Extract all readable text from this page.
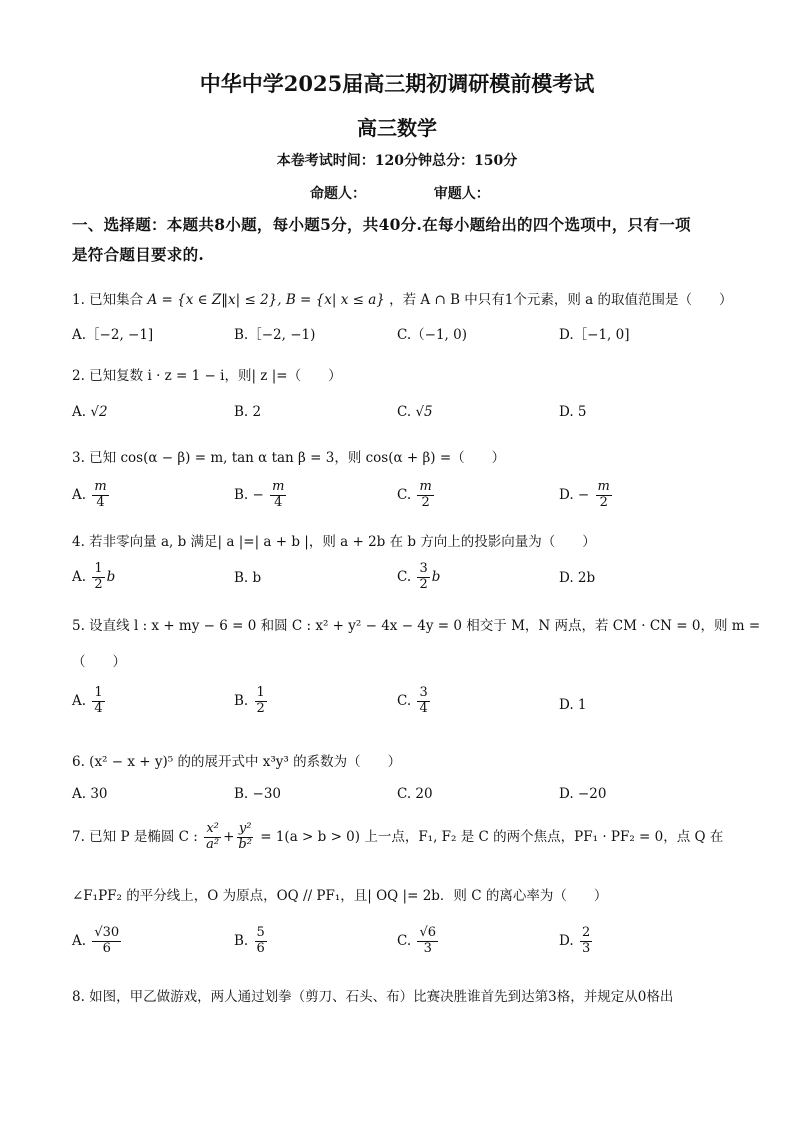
中华中学2025届高三期初调研模前模考试
高三数学
本卷考试时间：120分钟总分：150分
命题人：	审题人：
一、选择题：本题共8小题，每小题5分，共40分.在每小题给出的四个选项中，只有一项
是符合题目要求的.
1. 已知集合 A = {x ∈ Z‖x| ≤ 2}, B = {x| x ≤ a} ，若 A ∩ B 中只有1个元素，则 a 的取值范围是（　　）
A.［−2, −1]	B.［−2, −1)	C.（−1, 0)	D.［−1, 0]
2. 已知复数 i · z = 1 − i，则| z |=（　　）
A. √2	B. 2	C. √5	D. 5
3. 已知 cos(α − β) = m, tan α tan β = 3，则 cos(α + β) =（　　）
A. $\frac{m}{4}$	B. − $\frac{m}{4}$	C. $\frac{m}{2}$	D. − $\frac{m}{2}$
4. 若非零向量 a, b 满足| a |=| a + b |，则 a + 2b 在 b 方向上的投影向量为（　　）
A. $\frac{1}{2}$ b	B. b	C. $\frac{3}{2}$ b	D. 2b
5. 设直线 l : x + my − 6 = 0 和圆 C : x² + y² − 4x − 4y = 0 相交于 M，N 两点，若 CM · CN = 0，则 m =
（　　）
A. $\frac{1}{4}$	B. $\frac{1}{2}$	C. $\frac{3}{4}$	D. 1
6. (x² − x + y)⁵ 的的展开式中 x³y³ 的系数为（　　）
A. 30	B. −30	C. 20	D. −20
7. 已知 P 是椭圆 C : $\frac{\text{x²}}{\text{a²}} + \frac{\text{y²}}{\text{b²}} = 1(a > b > 0)$ 上一点，F₁, F₂ 是 C 的两个焦点，PF₁ · PF₂ = 0，点 Q 在
∠F₁PF₂ 的平分线上，O 为原点，OQ // PF₁，且| OQ |= 2b．则 C 的离心率为（　　）
A. $\frac{√30}{6}$	B. $\frac{5}{6}$	C. $\frac{√6}{3}$	D. $\frac{2}{3}$
8. 如图，甲乙做游戏，两人通过划拳（剪刀、石头、布）比赛决胜谁首先到达第3格，并规定从0格出
